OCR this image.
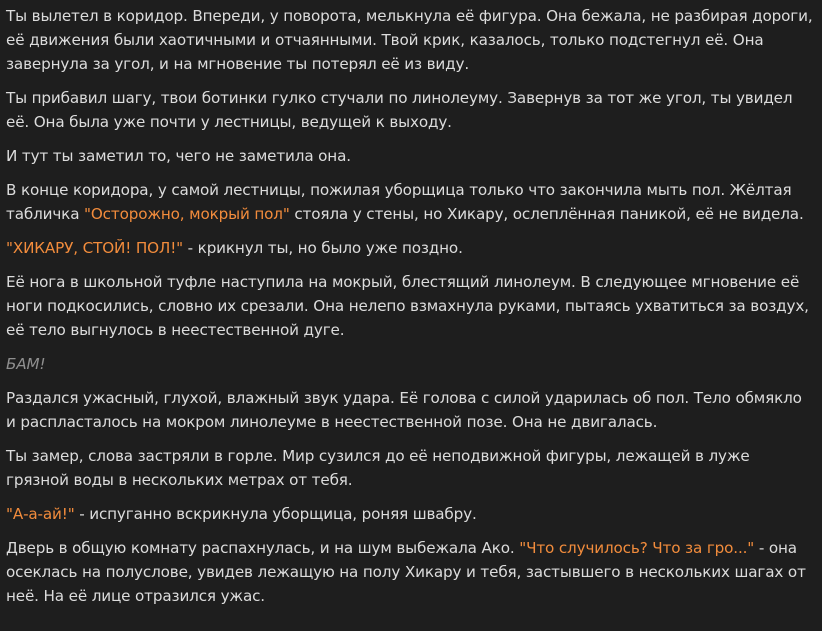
Ты вылетел в коридор. Впереди, у поворота, мелькнула её фигура. Она бежала, не разбирая дороги, её движения были хаотичными и отчаянными. Твой крик, казалось, только подстегнул её. Она завернула за угол, и на мгновение ты потерял её из виду.

Ты прибавил шагу, твои ботинки гулко стучали по линолеуму. Завернув за тот же угол, ты увидел её. Она была уже почти у лестницы, ведущей к выходу.

И тут ты заметил то, чего не заметила она.

В конце коридора, у самой лестницы, пожилая уборщица только что закончила мыть пол. Жёлтая табличка "Осторожно, мокрый пол" стояла у стены, но Хикару, ослеплённая паникой, её не видела.

"ХИКАРУ, СТОЙ! ПОЛ!" - крикнул ты, но было уже поздно.

Её нога в школьной туфле наступила на мокрый, блестящий линолеум. В следующее мгновение её ноги подкосились, словно их срезали. Она нелепо взмахнула руками, пытаясь ухватиться за воздух, её тело выгнулось в неестественной дуге.

БАМ!

Раздался ужасный, глухой, влажный звук удара. Её голова с силой ударилась об пол. Тело обмякло и распласталось на мокром линолеуме в неестественной позе. Она не двигалась.

Ты замер, слова застряли в горле. Мир сузился до её неподвижной фигуры, лежащей в луже грязной воды в нескольких метрах от тебя.

"А-а-ай!" - испуганно вскрикнула уборщица, роняя швабру.

Дверь в общую комнату распахнулась, и на шум выбежала Ако. "Что случилось? Что за гро..." - она осеклась на полуслове, увидев лежащую на полу Хикару и тебя, застывшего в нескольких шагах от неё. На её лице отразился ужас.
